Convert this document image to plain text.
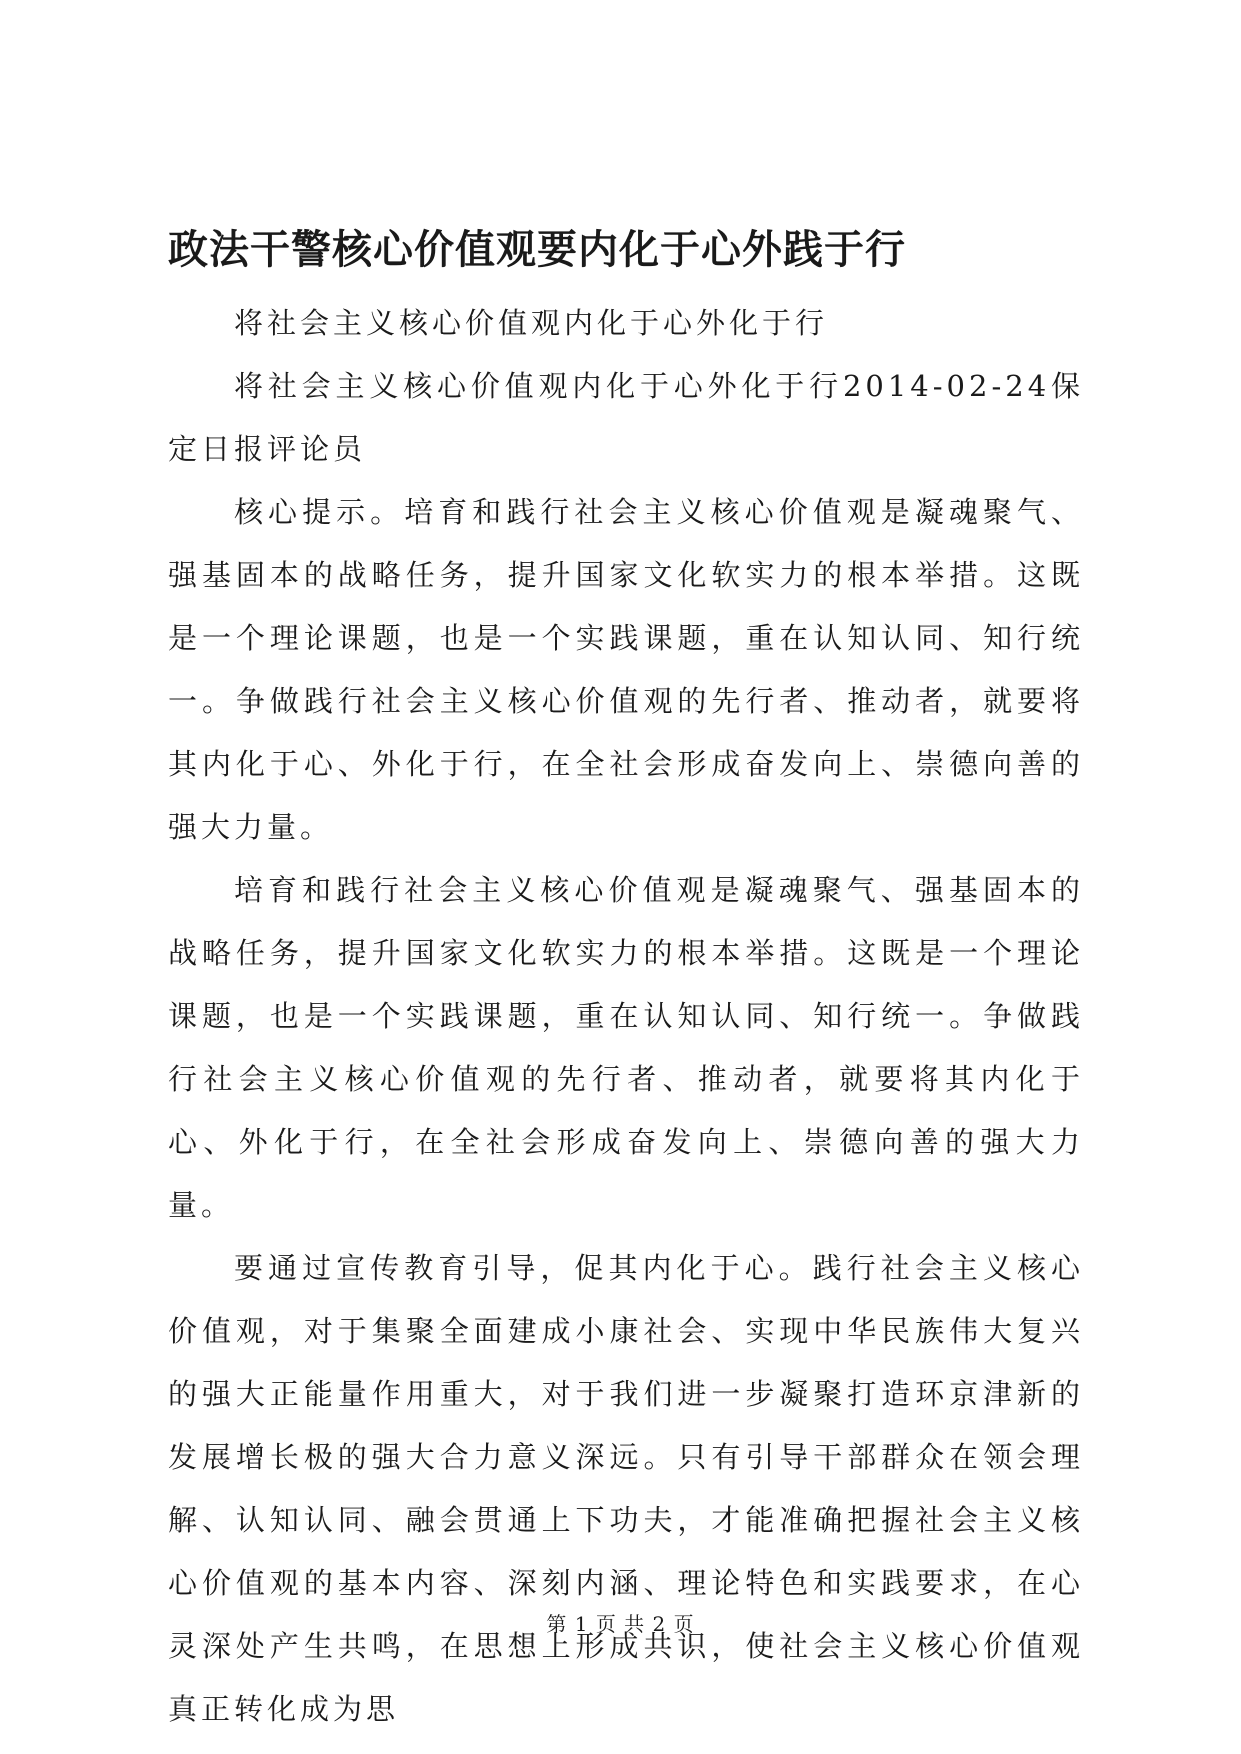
政法干警核心价值观要内化于心外践于行

将社会主义核心价值观内化于心外化于行

将社会主义核心价值观内化于心外化于行2014-02-24保定日报评论员

核心提示。培育和践行社会主义核心价值观是凝魂聚气、强基固本的战略任务，提升国家文化软实力的根本举措。这既是一个理论课题，也是一个实践课题，重在认知认同、知行统一。争做践行社会主义核心价值观的先行者、推动者，就要将其内化于心、外化于行，在全社会形成奋发向上、崇德向善的强大力量。

培育和践行社会主义核心价值观是凝魂聚气、强基固本的战略任务，提升国家文化软实力的根本举措。这既是一个理论课题，也是一个实践课题，重在认知认同、知行统一。争做践行社会主义核心价值观的先行者、推动者，就要将其内化于心、外化于行，在全社会形成奋发向上、崇德向善的强大力量。

要通过宣传教育引导，促其内化于心。践行社会主义核心价值观，对于集聚全面建成小康社会、实现中华民族伟大复兴的强大正能量作用重大，对于我们进一步凝聚打造环京津新的发展增长极的强大合力意义深远。只有引导干部群众在领会理解、认知认同、融会贯通上下功夫，才能准确把握社会主义核心价值观的基本内容、深刻内涵、理论特色和实践要求，在心灵深处产生共鸣，在思想上形成共识，使社会主义核心价值观真正转化成为思

第 1 页 共 2 页
